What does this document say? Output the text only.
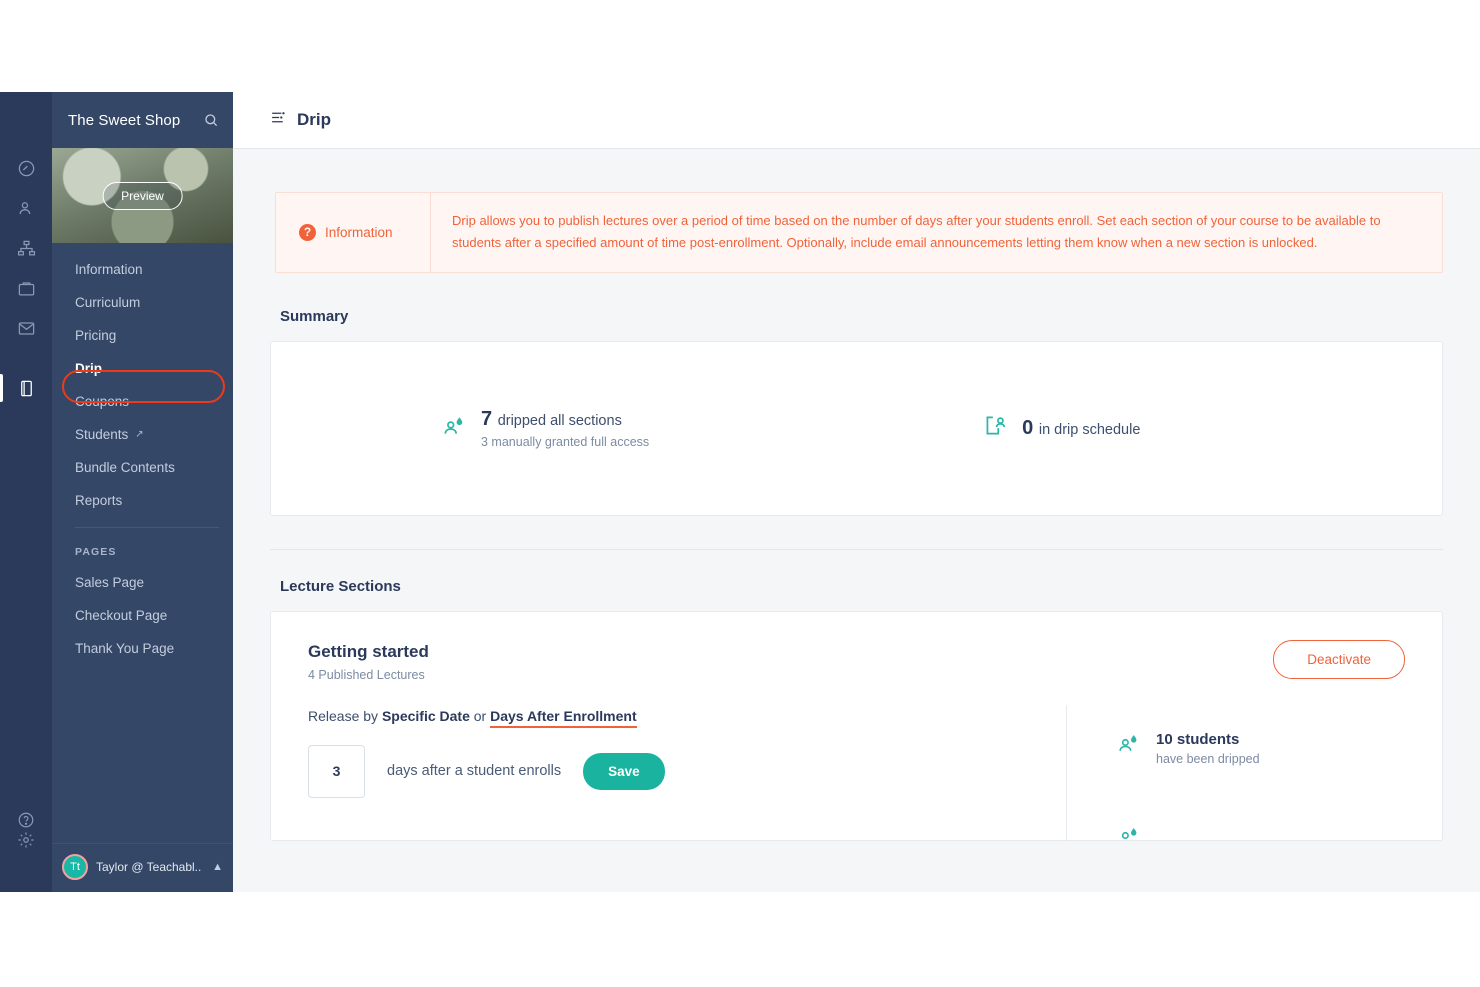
The Sweet Shop
Preview
Information
Curriculum
Pricing
Drip
Coupons
Students ↗
Bundle Contents
Reports
PAGES
Sales Page
Checkout Page
Thank You Page
Tt	Taylor @ Teachabl.. ▲
Drip
?	Information
Drip allows you to publish lectures over a period of time based on the number of days after your students enroll. Set each section of your course to be available to students after a specified amount of time post-enrollment. Optionally, include email announcements letting them know when a new section is unlocked.
Summary
7 dripped all sections
3 manually granted full access
0 in drip schedule
Lecture Sections
Getting started
4 Published Lectures
Release by Specific Date or Days After Enrollment
3	days after a student enrolls	Save
Deactivate
10 students
have been dripped
